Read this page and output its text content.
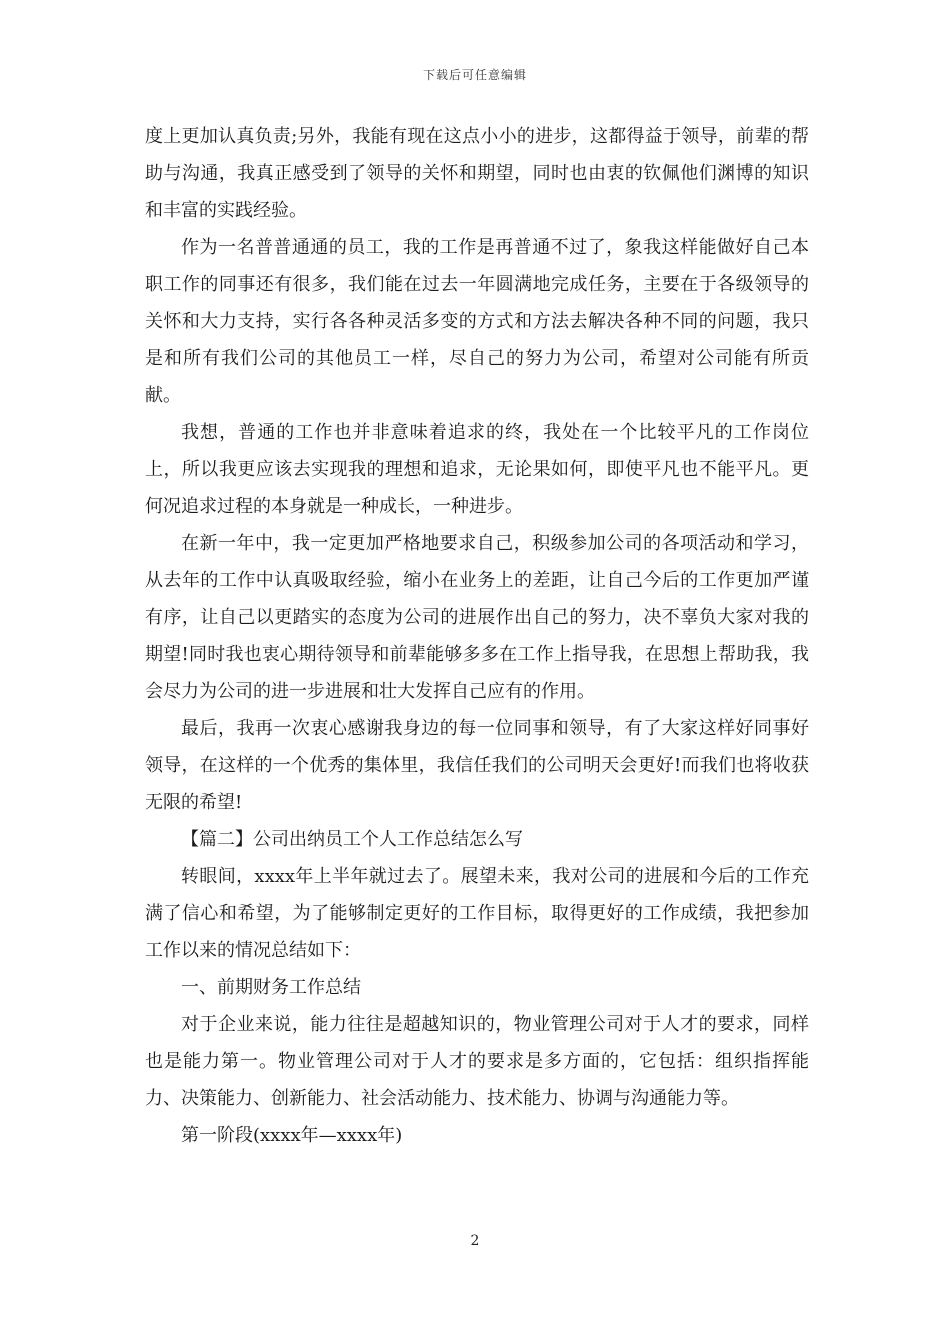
下载后可任意编辑

度上更加认真负责;另外，我能有现在这点小小的进步，这都得益于领导，前辈的帮助与沟通，我真正感受到了领导的关怀和期望，同时也由衷的钦佩他们渊博的知识和丰富的实践经验。

作为一名普普通通的员工，我的工作是再普通不过了，象我这样能做好自己本职工作的同事还有很多，我们能在过去一年圆满地完成任务，主要在于各级领导的关怀和大力支持，实行各各种灵活多变的方式和方法去解决各种不同的问题，我只是和所有我们公司的其他员工一样，尽自己的努力为公司，希望对公司能有所贡献。

我想，普通的工作也并非意味着追求的终，我处在一个比较平凡的工作岗位上，所以我更应该去实现我的理想和追求，无论果如何，即使平凡也不能平凡。更何况追求过程的本身就是一种成长，一种进步。

在新一年中，我一定更加严格地要求自己，积级参加公司的各项活动和学习，从去年的工作中认真吸取经验，缩小在业务上的差距，让自己今后的工作更加严谨有序，让自己以更踏实的态度为公司的进展作出自己的努力，决不辜负大家对我的期望!同时我也衷心期待领导和前辈能够多多在工作上指导我，在思想上帮助我，我会尽力为公司的进一步进展和壮大发挥自己应有的作用。

最后，我再一次衷心感谢我身边的每一位同事和领导，有了大家这样好同事好领导，在这样的一个优秀的集体里，我信任我们的公司明天会更好!而我们也将收获无限的希望!

【篇二】公司出纳员工个人工作总结怎么写

转眼间，xxxx年上半年就过去了。展望未来，我对公司的进展和今后的工作充满了信心和希望，为了能够制定更好的工作目标，取得更好的工作成绩，我把参加工作以来的情况总结如下：

一、前期财务工作总结

对于企业来说，能力往往是超越知识的，物业管理公司对于人才的要求，同样也是能力第一。物业管理公司对于人才的要求是多方面的，它包括：组织指挥能力、决策能力、创新能力、社会活动能力、技术能力、协调与沟通能力等。

第一阶段(xxxx年—xxxx年)

2
